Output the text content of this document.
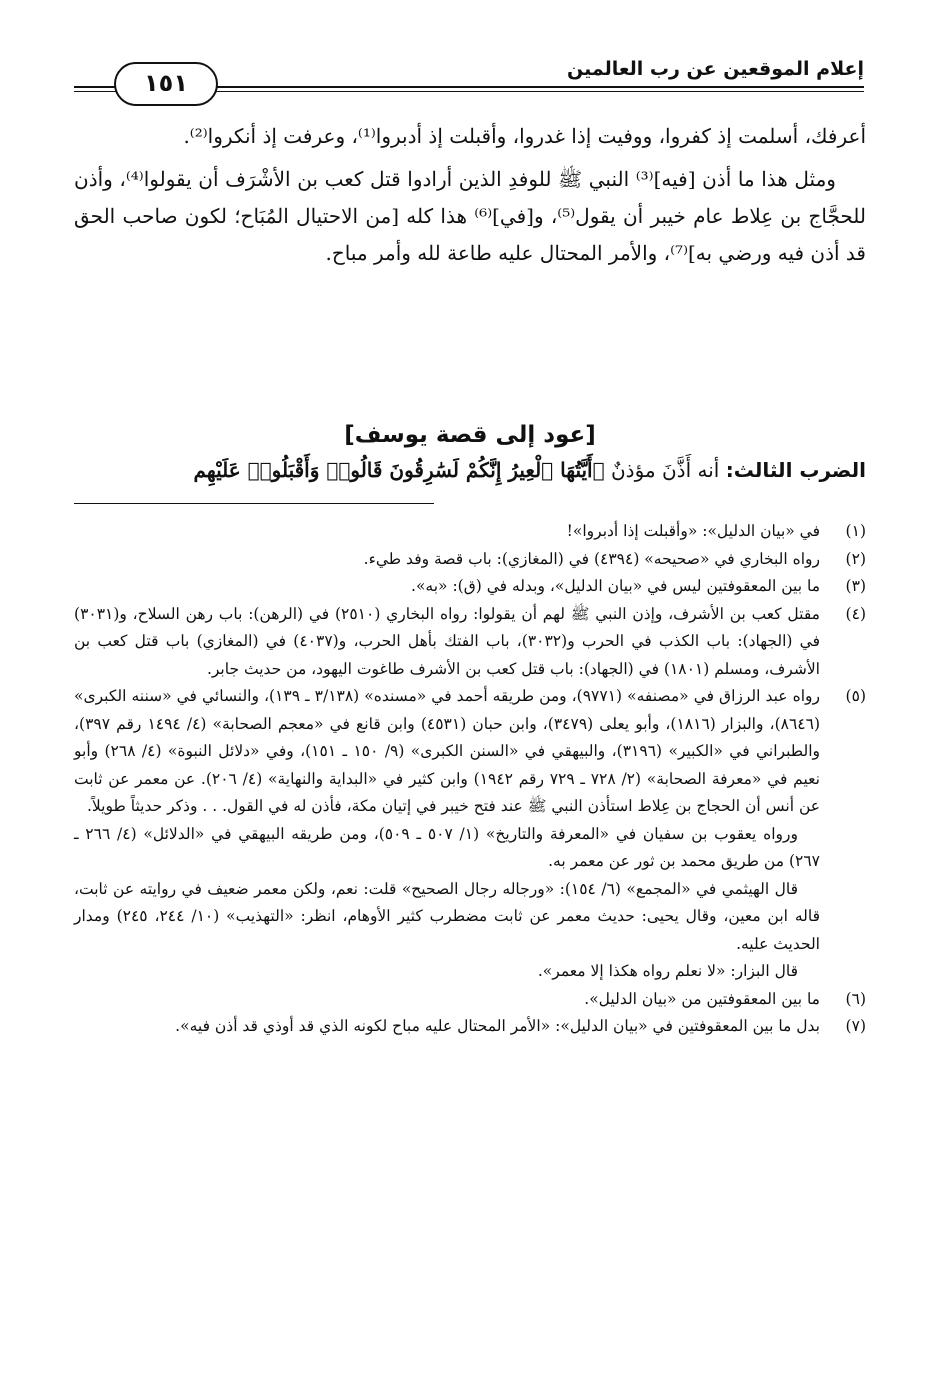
إعلام الموقعين عن رب العالمين
١٥١

أعرفك، أسلمت إذ كفروا، ووفيت إذا غدروا، وأقبلت إذ أدبروا⁽¹⁾، وعرفت إذ أنكروا⁽²⁾.

ومثل هذا ما أذن [فيه]⁽³⁾ النبي ﷺ للوفدِ الذين أرادوا قتل كعب بن الأشْرَف أن يقولوا⁽⁴⁾، وأذن للحجَّاج بن عِلاط عام خيبر أن يقول⁽⁵⁾، و[في]⁽⁶⁾ هذا كله [من الاحتيال المُبَاح؛ لكون صاحب الحق قد أذن فيه ورضي به]⁽⁷⁾، والأمر المحتال عليه طاعة لله وأمر مباح.

[عود إلى قصة يوسف]
الضرب الثالث: أنه أَذَّنَ مؤذنٌ ﴿أَيَّتُهَا ٱلْعِيرُ إِنَّكُمْ لَسَٰرِقُونَ قَالُوا۟ وَأَقْبَلُوا۟ عَلَيْهِم
(١)
في «بيان الدليل»: «وأقبلت إذا أدبروا»!
(٢)
رواه البخاري في «صحيحه» (٤٣٩٤) في (المغازي): باب قصة وفد طيء.
(٣)
ما بين المعقوفتين ليس في «بيان الدليل»، وبدله في (ق): «به».
(٤)
مقتل كعب بن الأشرف، وإذن النبي ﷺ لهم أن يقولوا: رواه البخاري (٢٥١٠) في (الرهن): باب رهن السلاح، و(٣٠٣١) في (الجهاد): باب الكذب في الحرب و(٣٠٣٢)، باب الفتك بأهل الحرب، و(٤٠٣٧) في (المغازي) باب قتل كعب بن الأشرف، ومسلم (١٨٠١) في (الجهاد): باب قتل كعب بن الأشرف طاغوت اليهود، من حديث جابر.
(٥)
رواه عبد الرزاق في «مصنفه» (٩٧٧١)، ومن طريقه أحمد في «مسنده» (٣/١٣٨ ـ ١٣٩)، والنسائي في «سننه الكبرى» (٨٦٤٦)، والبزار (١٨١٦)، وأبو يعلى (٣٤٧٩)، وابن حبان (٤٥٣١) وابن قانع في «معجم الصحابة» (٤/ ١٤٩٤ رقم ٣٩٧)، والطبراني في «الكبير» (٣١٩٦)، والبيهقي في «السنن الكبرى» (٩/ ١٥٠ ـ ١٥١)، وفي «دلائل النبوة» (٤/ ٢٦٨) وأبو نعيم في «معرفة الصحابة» (٢/ ٧٢٨ ـ ٧٢٩ رقم ١٩٤٢) وابن كثير في «البداية والنهاية» (٤/ ٢٠٦). عن معمر عن ثابت عن أنس أن الحجاج بن عِلاط استأذن النبي ﷺ عند فتح خيبر في إتيان مكة، فأذن له في القول. . . وذكر حديثاً طويلاً.
ورواه يعقوب بن سفيان في «المعرفة والتاريخ» (١/ ٥٠٧ ـ ٥٠٩)، ومن طريقه البيهقي في «الدلائل» (٤/ ٢٦٦ ـ ٢٦٧) من طريق محمد بن ثور عن معمر به.
قال الهيثمي في «المجمع» (٦/ ١٥٤): «ورجاله رجال الصحيح» قلت: نعم، ولكن معمر ضعيف في روايته عن ثابت، قاله ابن معين، وقال يحيى: حديث معمر عن ثابت مضطرب كثير الأوهام، انظر: «التهذيب» (١٠/ ٢٤٤، ٢٤٥) ومدار الحديث عليه.
قال البزار: «لا نعلم رواه هكذا إلا معمر».
(٦)
ما بين المعقوفتين من «بيان الدليل».
(٧)
بدل ما بين المعقوفتين في «بيان الدليل»: «الأمر المحتال عليه مباح لكونه الذي قد أوذي قد أذن فيه».
